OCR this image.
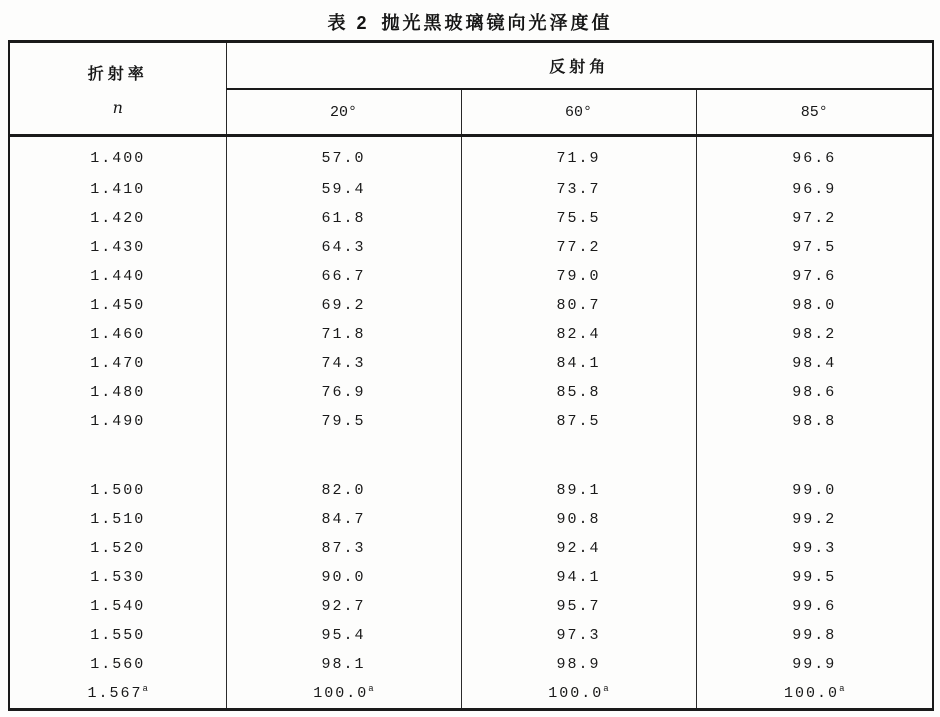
表 2 抛光黑玻璃镜向光泽度值
折射率
n	反射角		
	20°	60°	85°
1.400	57.0	71.9	96.6
1.410	59.4	73.7	96.9
1.420	61.8	75.5	97.2
1.430	64.3	77.2	97.5
1.440	66.7	79.0	97.6
1.450	69.2	80.7	98.0
1.460	71.8	82.4	98.2
1.470	74.3	84.1	98.4
1.480	76.9	85.8	98.6
1.490	79.5	87.5	98.8

1.500	82.0	89.1	99.0
1.510	84.7	90.8	99.2
1.520	87.3	92.4	99.3
1.530	90.0	94.1	99.5
1.540	92.7	95.7	99.6
1.550	95.4	97.3	99.8
1.560	98.1	98.9	99.9
1.567$^a$	100.0$^a$	100.0$^a$	100.0$^a$
